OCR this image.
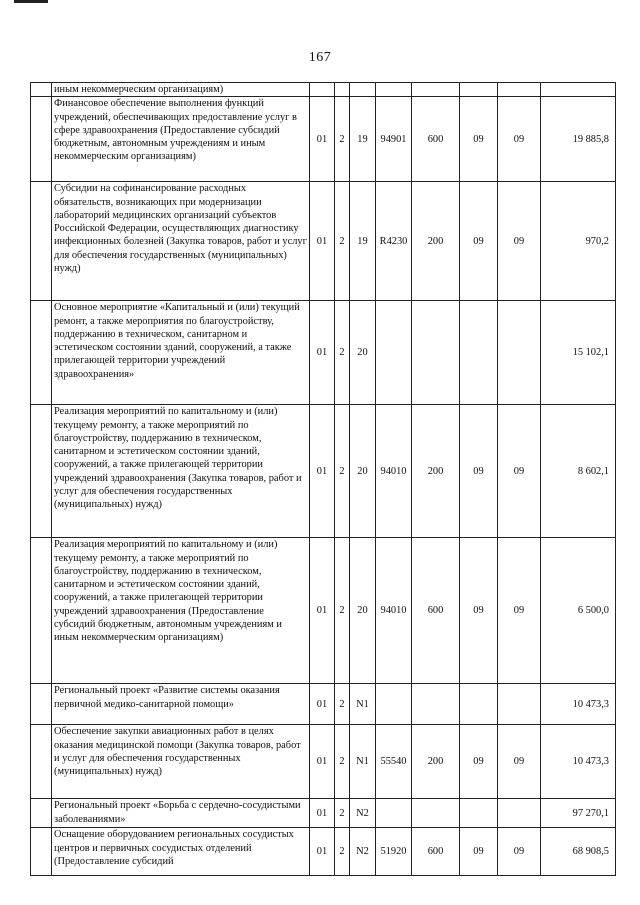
167
	иным некоммерческим организациям)								
	Финансовое обеспечение выполнения функций учреждений, обеспечивающих предоставление услуг в сфере здравоохранения (Предоставление субсидий бюджетным, автономным учреждениям и иным некоммерческим организациям)	01	2	19	94901	600	09	09	19 885,8
	Субсидии на софинансирование расходных обязательств, возникающих при модернизации лабораторий медицинских организаций субъектов Российской Федерации, осуществляющих диагностику инфекционных болезней (Закупка товаров, работ и услуг для обеспечения государственных (муниципальных) нужд)	01	2	19	R4230	200	09	09	970,2
	Основное мероприятие «Капитальный и (или) текущий ремонт, а также мероприятия по благоустройству, поддержанию в техническом, санитарном и эстетическом состоянии зданий, сооружений, а также прилегающей территории учреждений здравоохранения»	01	2	20					15 102,1
	Реализация мероприятий по капитальному и (или) текущему ремонту, а также мероприятий по благоустройству, поддержанию в техническом, санитарном и эстетическом состоянии зданий, сооружений, а также прилегающей территории учреждений здравоохранения (Закупка товаров, работ и услуг для обеспечения государственных (муниципальных) нужд)	01	2	20	94010	200	09	09	8 602,1
	Реализация мероприятий по капитальному и (или) текущему ремонту, а также мероприятий по благоустройству, поддержанию в техническом, санитарном и эстетическом состоянии зданий, сооружений, а также прилегающей территории учреждений здравоохранения (Предоставление субсидий бюджетным, автономным учреждениям и иным некоммерческим организациям)	01	2	20	94010	600	09	09	6 500,0
	Региональный проект «Развитие системы оказания первичной медико-санитарной помощи»	01	2	N1					10 473,3
	Обеспечение закупки авиационных работ в целях оказания медицинской помощи (Закупка товаров, работ и услуг для обеспечения государственных (муниципальных) нужд)	01	2	N1	55540	200	09	09	10 473,3
	Региональный проект «Борьба с сердечно-сосудистыми заболеваниями»	01	2	N2					97 270,1
	Оснащение оборудованием региональных сосудистых центров и первичных сосудистых отделений (Предоставление субсидий	01	2	N2	51920	600	09	09	68 908,5
